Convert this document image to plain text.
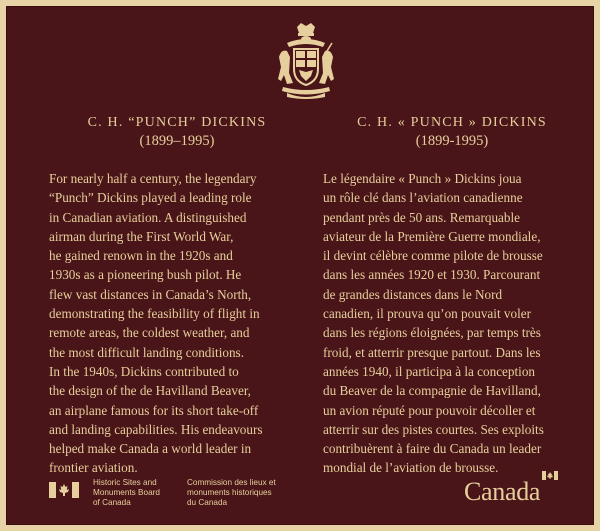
C. H. “PUNCH” DICKINS
(1899–1995)

For nearly half a century, the legendary
“Punch” Dickins played a leading role
in Canadian aviation. A distinguished
airman during the First World War,
he gained renown in the 1920s and
1930s as a pioneering bush pilot. He
flew vast distances in Canada’s North,
demonstrating the feasibility of flight in
remote areas, the coldest weather, and
the most difficult landing conditions.
In the 1940s, Dickins contributed to
the design of the de Havilland Beaver,
an airplane famous for its short take-off
and landing capabilities. His endeavours
helped make Canada a world leader in
frontier aviation.

C. H. « PUNCH » DICKINS
(1899-1995)

Le légendaire « Punch » Dickins joua
un rôle clé dans l’aviation canadienne
pendant près de 50 ans. Remarquable
aviateur de la Première Guerre mondiale,
il devint célèbre comme pilote de brousse
dans les années 1920 et 1930. Parcourant
de grandes distances dans le Nord
canadien, il prouva qu’on pouvait voler
dans les régions éloignées, par temps très
froid, et atterrir presque partout. Dans les
années 1940, il participa à la conception
du Beaver de la compagnie de Havilland,
un avion réputé pour pouvoir décoller et
atterrir sur des pistes courtes. Ses exploits
contribuèrent à faire du Canada un leader
mondial de l’aviation de brousse.

Historic Sites and
Monuments Board
of Canada
Commission des lieux et
monuments historiques
du Canada	Canada
